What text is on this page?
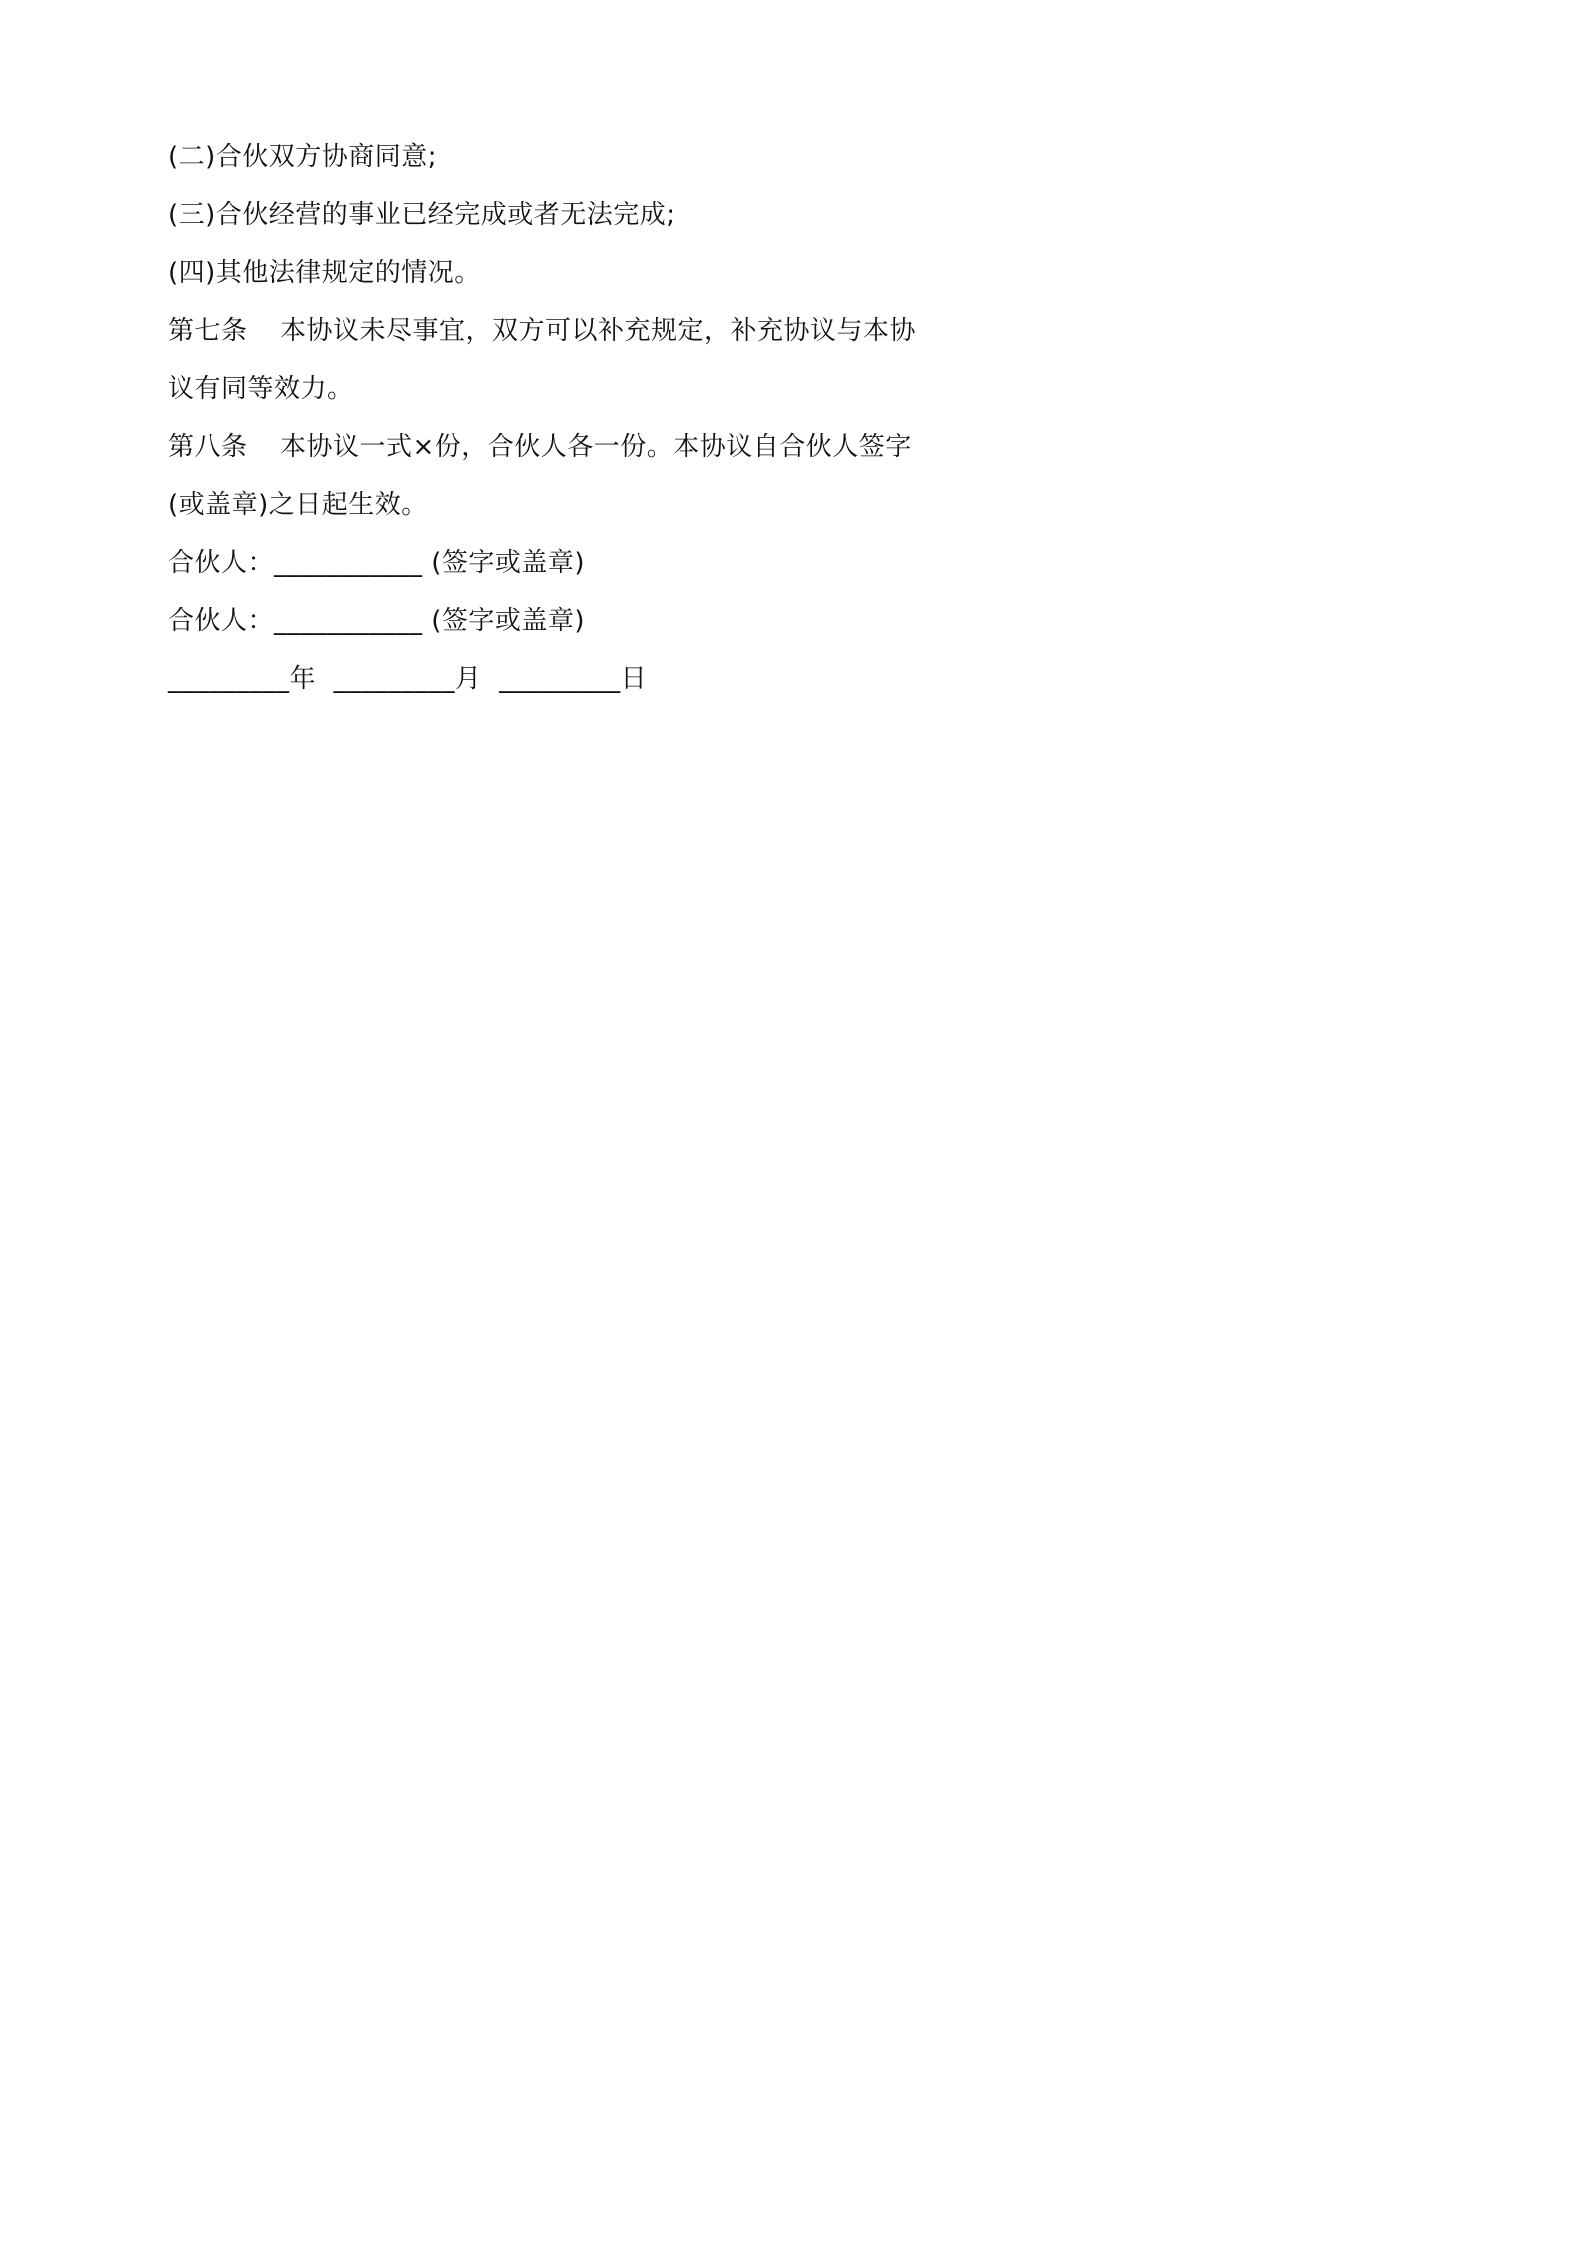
(二)合伙双方协商同意;
(三)合伙经营的事业已经完成或者无法完成;
(四)其他法律规定的情况。
第七条 本协议未尽事宜，双方可以补充规定，补充协议与本协
议有同等效力。
第八条 本协议一式×份，合伙人各一份。本协议自合伙人签字
(或盖章)之日起生效。
合伙人：___________ (签字或盖章)
合伙人：___________ (签字或盖章)
_________年 _________月 _________日
